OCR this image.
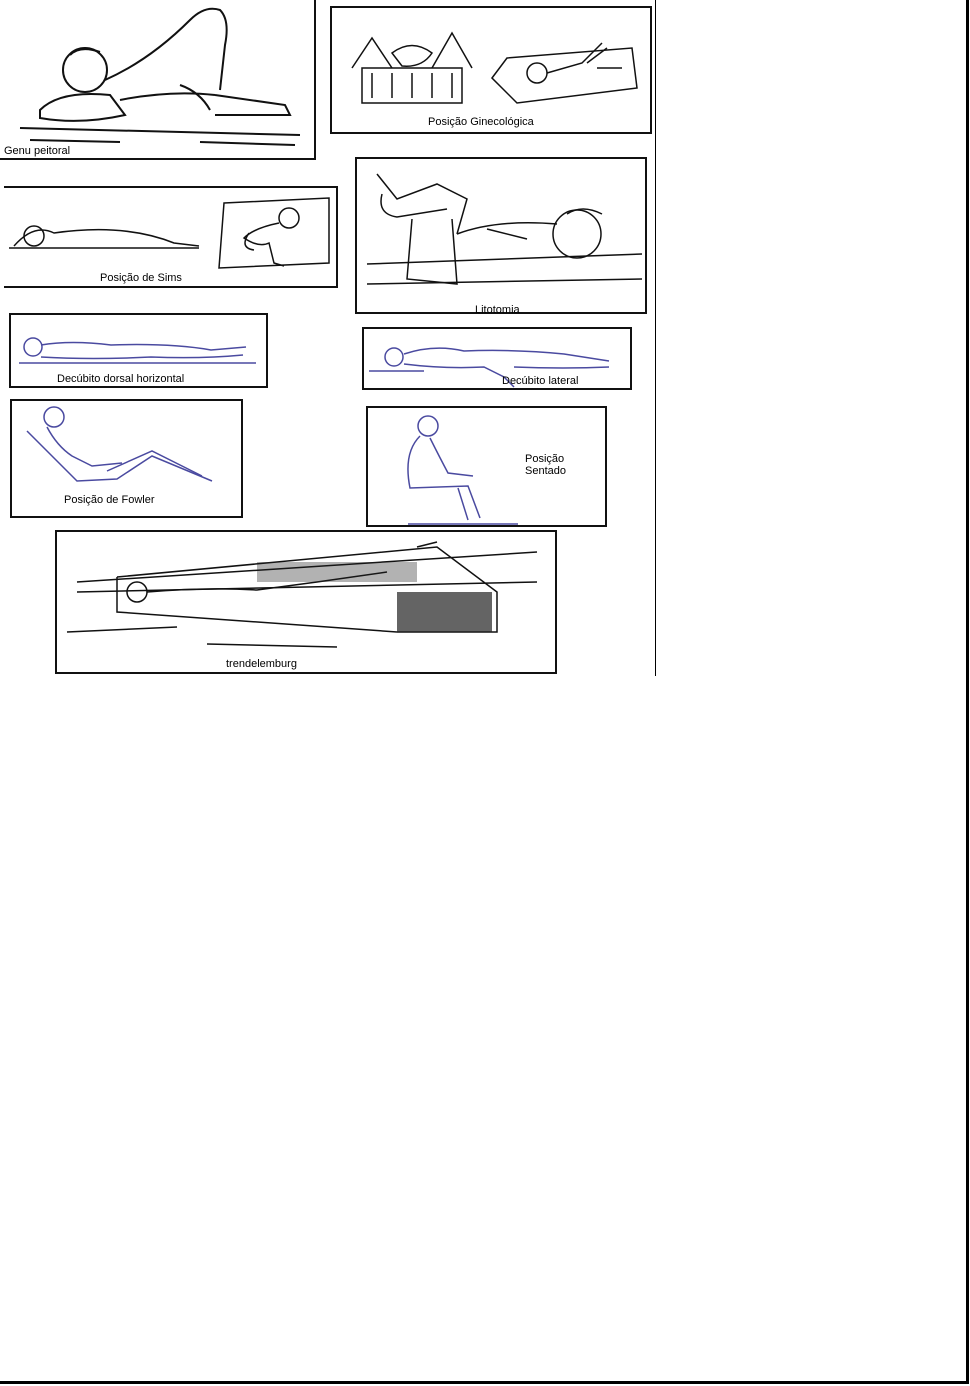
Genu peitoral
Posição Ginecológica
Posição de Sims
Litotomia
Decúbito dorsal horizontal	Decúbito lateral
Posição de Fowler
Posição
Sentado
trendelemburg
